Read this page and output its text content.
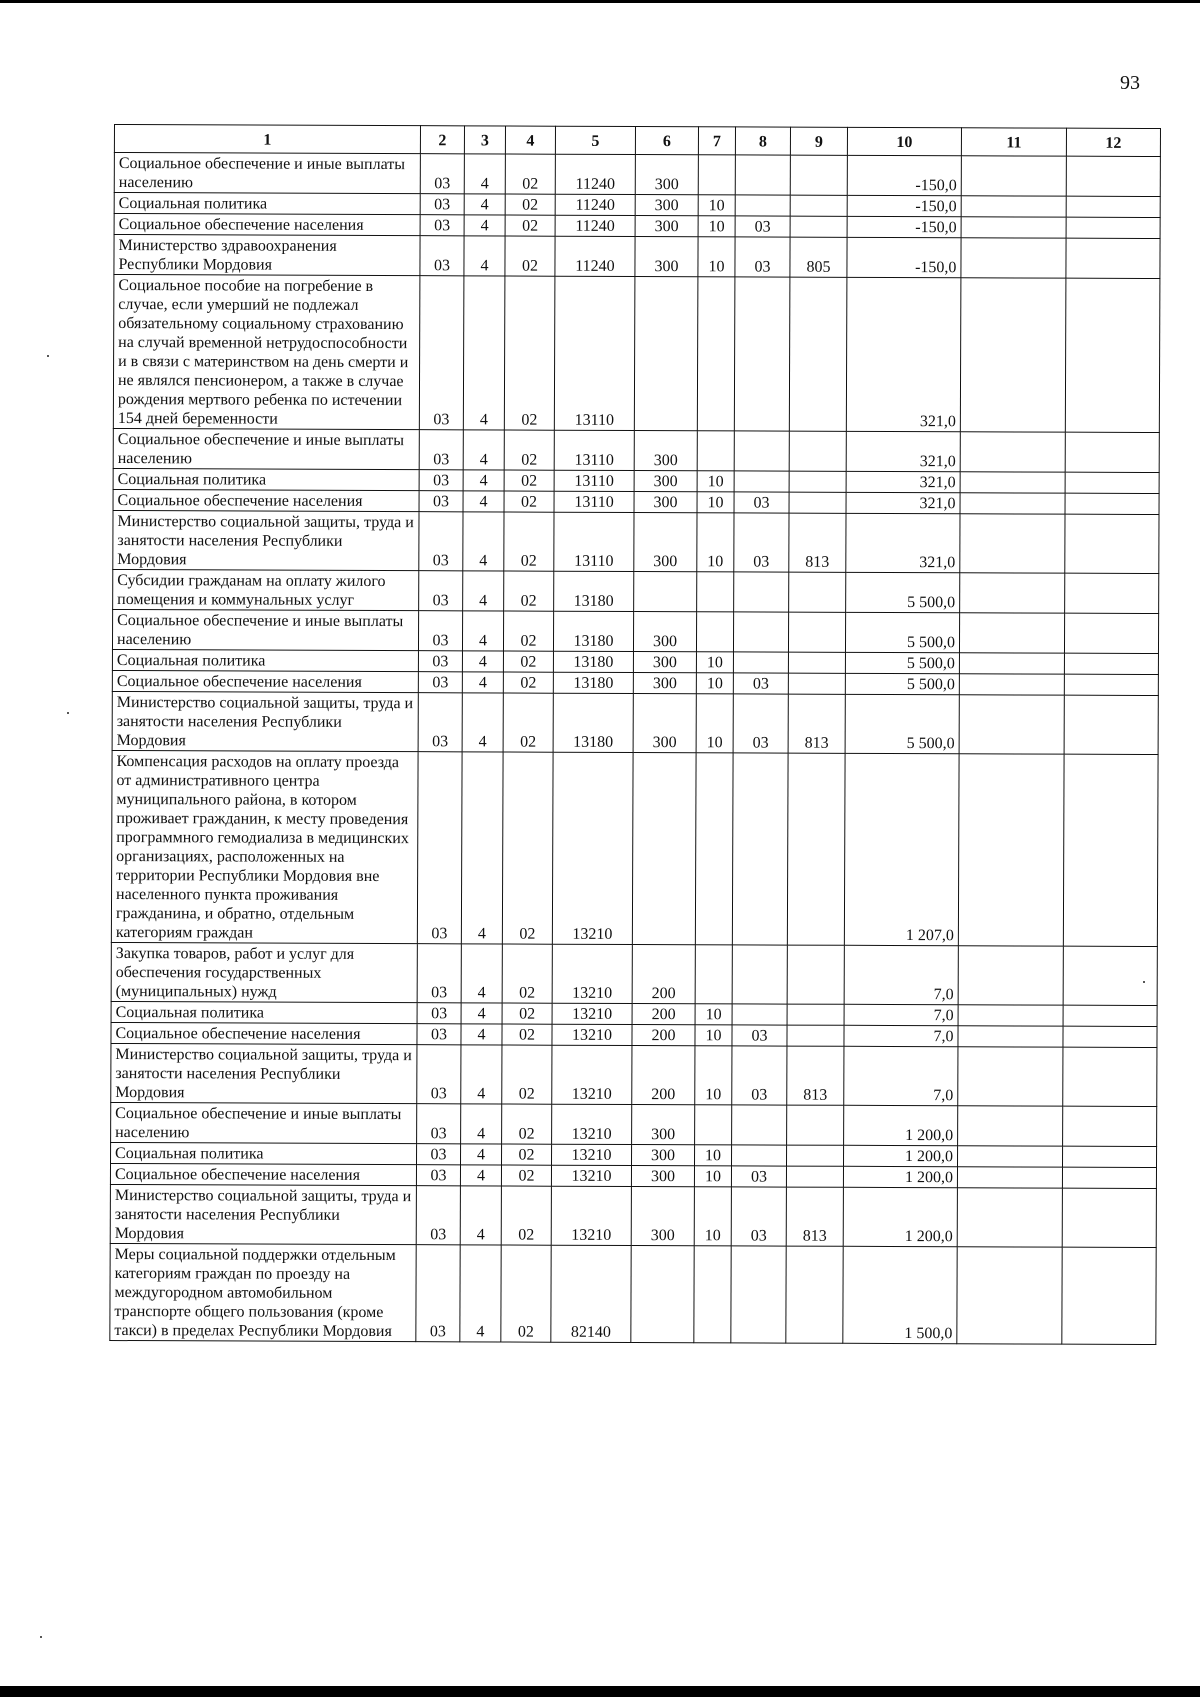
93
1	2	3	4	5	6	7	8	9	10	11	12
Социальное обеспечение и иные выплаты населению	03	4	02	11240	300				-150,0		
Социальная политика	03	4	02	11240	300	10			-150,0		
Социальное обеспечение населения	03	4	02	11240	300	10	03		-150,0		
Министерство здравоохранения Республики Мордовия	03	4	02	11240	300	10	03	805	-150,0		
Социальное пособие на погребение в случае, если умерший не подлежал обязательному социальному страхованию на случай временной нетрудоспособности и в связи с материнством на день смерти и не являлся пенсионером, а также в случае рождения мертвого ребенка по истечении 154 дней беременности	03	4	02	13110					321,0		
Социальное обеспечение и иные выплаты населению	03	4	02	13110	300				321,0		
Социальная политика	03	4	02	13110	300	10			321,0		
Социальное обеспечение населения	03	4	02	13110	300	10	03		321,0		
Министерство социальной защиты, труда и занятости населения Республики Мордовия	03	4	02	13110	300	10	03	813	321,0		
Субсидии гражданам на оплату жилого помещения и коммунальных услуг	03	4	02	13180					5 500,0		
Социальное обеспечение и иные выплаты населению	03	4	02	13180	300				5 500,0		
Социальная политика	03	4	02	13180	300	10			5 500,0		
Социальное обеспечение населения	03	4	02	13180	300	10	03		5 500,0		
Министерство социальной защиты, труда и занятости населения Республики Мордовия	03	4	02	13180	300	10	03	813	5 500,0		
Компенсация расходов на оплату проезда от административного центра муниципального района, в котором проживает гражданин, к месту проведения программного гемодиализа в медицинских организациях, расположенных на территории Республики Мордовия вне населенного пункта проживания гражданина, и обратно, отдельным категориям граждан	03	4	02	13210					1 207,0		
Закупка товаров, работ и услуг для обеспечения государственных (муниципальных) нужд	03	4	02	13210	200				7,0		
Социальная политика	03	4	02	13210	200	10			7,0		
Социальное обеспечение населения	03	4	02	13210	200	10	03		7,0		
Министерство социальной защиты, труда и занятости населения Республики Мордовия	03	4	02	13210	200	10	03	813	7,0		
Социальное обеспечение и иные выплаты населению	03	4	02	13210	300				1 200,0		
Социальная политика	03	4	02	13210	300	10			1 200,0		
Социальное обеспечение населения	03	4	02	13210	300	10	03		1 200,0		
Министерство социальной защиты, труда и занятости населения Республики Мордовия	03	4	02	13210	300	10	03	813	1 200,0		
Меры социальной поддержки отдельным категориям граждан по проезду на междугородном автомобильном транспорте общего пользования (кроме такси) в пределах Республики Мордовия	03	4	02	82140					1 500,0		
